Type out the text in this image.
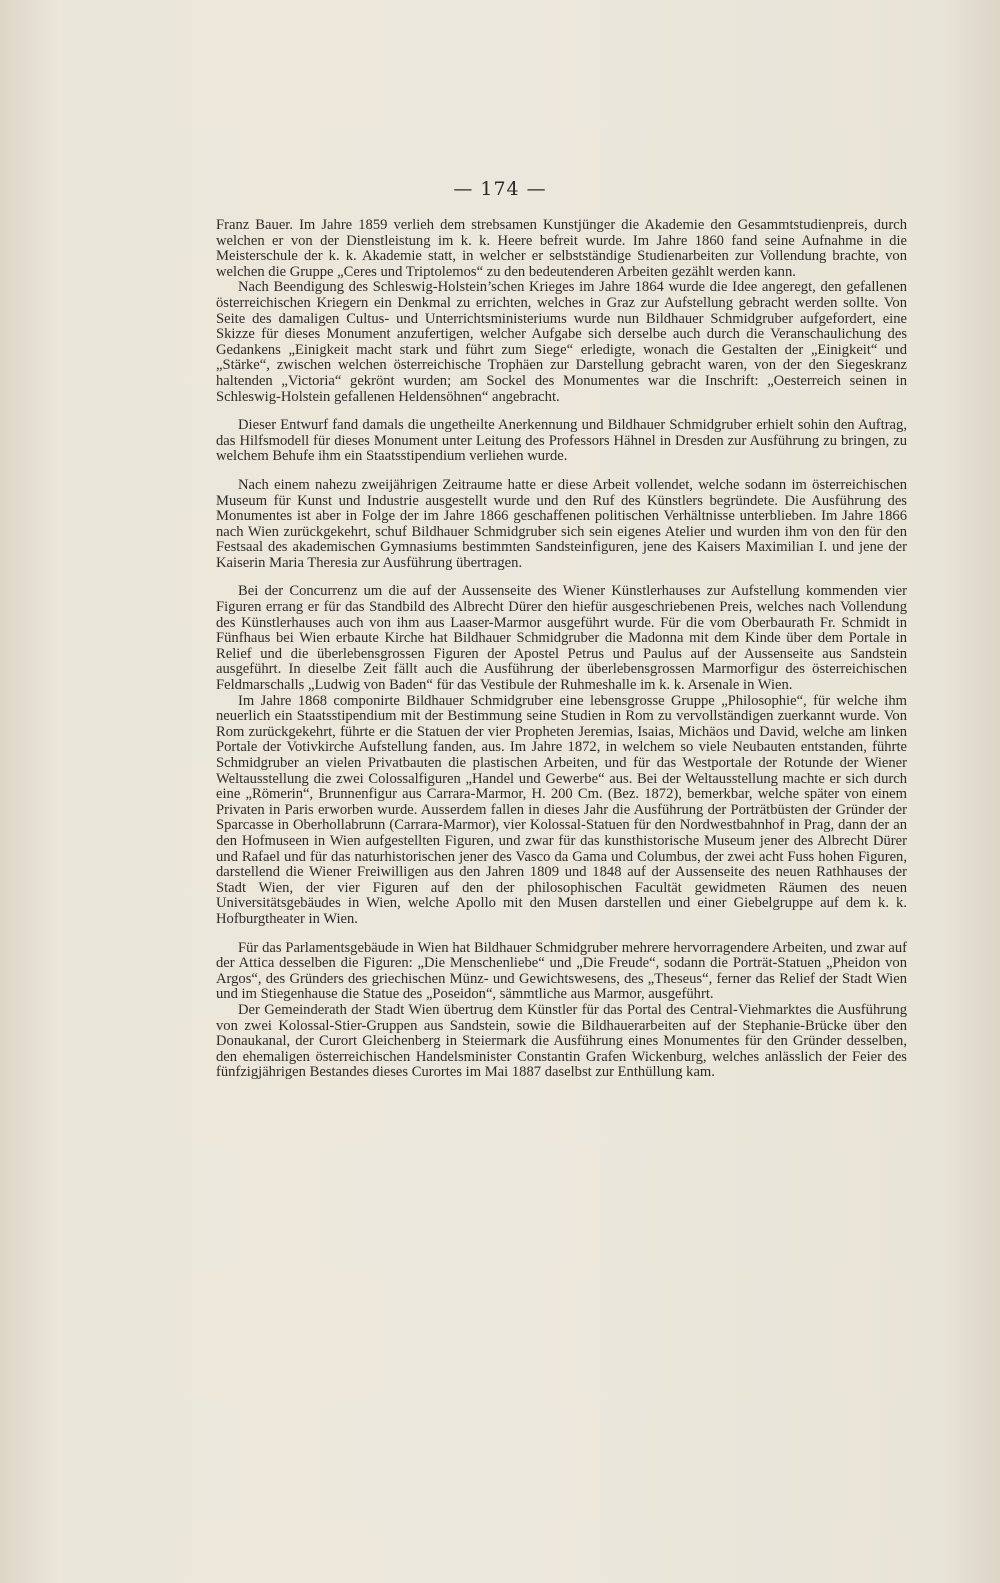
— 174 —

Franz Bauer. Im Jahre 1859 verlieh dem strebsamen Kunstjünger die Akademie den Gesammtstudienpreis, durch welchen er von der Dienstleistung im k. k. Heere befreit wurde. Im Jahre 1860 fand seine Aufnahme in die Meisterschule der k. k. Akademie statt, in welcher er selbstständige Studienarbeiten zur Vollendung brachte, von welchen die Gruppe „Ceres und Triptolemos“ zu den bedeutenderen Arbeiten gezählt werden kann.

Nach Beendigung des Schleswig-Holstein’schen Krieges im Jahre 1864 wurde die Idee angeregt, den gefallenen österreichischen Kriegern ein Denkmal zu errichten, welches in Graz zur Aufstellung gebracht werden sollte. Von Seite des damaligen Cultus- und Unterrichtsministeriums wurde nun Bildhauer Schmidgruber aufgefordert, eine Skizze für dieses Monument anzufertigen, welcher Aufgabe sich derselbe auch durch die Veranschaulichung des Gedankens „Einigkeit macht stark und führt zum Siege“ erledigte, wonach die Gestalten der „Einigkeit“ und „Stärke“, zwischen welchen österreichische Trophäen zur Darstellung gebracht waren, von der den Siegeskranz haltenden „Victoria“ gekrönt wurden; am Sockel des Monumentes war die Inschrift: „Oesterreich seinen in Schleswig-Holstein gefallenen Heldensöhnen“ angebracht.

Dieser Entwurf fand damals die ungetheilte Anerkennung und Bildhauer Schmidgruber erhielt sohin den Auftrag, das Hilfsmodell für dieses Monument unter Leitung des Professors Hähnel in Dresden zur Ausführung zu bringen, zu welchem Behufe ihm ein Staatsstipendium verliehen wurde.

Nach einem nahezu zweijährigen Zeitraume hatte er diese Arbeit vollendet, welche sodann im österreichischen Museum für Kunst und Industrie ausgestellt wurde und den Ruf des Künstlers begründete. Die Ausführung des Monumentes ist aber in Folge der im Jahre 1866 geschaffenen politischen Verhältnisse unterblieben. Im Jahre 1866 nach Wien zurückgekehrt, schuf Bildhauer Schmidgruber sich sein eigenes Atelier und wurden ihm von den für den Festsaal des akademischen Gymnasiums bestimmten Sandsteinfiguren, jene des Kaisers Maximilian I. und jene der Kaiserin Maria Theresia zur Ausführung übertragen.

Bei der Concurrenz um die auf der Aussenseite des Wiener Künstlerhauses zur Aufstellung kommenden vier Figuren errang er für das Standbild des Albrecht Dürer den hiefür ausgeschriebenen Preis, welches nach Vollendung des Künstlerhauses auch von ihm aus Laaser-Marmor ausgeführt wurde. Für die vom Oberbaurath Fr. Schmidt in Fünfhaus bei Wien erbaute Kirche hat Bildhauer Schmidgruber die Madonna mit dem Kinde über dem Portale in Relief und die überlebensgrossen Figuren der Apostel Petrus und Paulus auf der Aussenseite aus Sandstein ausgeführt. In dieselbe Zeit fällt auch die Ausführung der überlebensgrossen Marmorfigur des österreichischen Feldmarschalls „Ludwig von Baden“ für das Vestibule der Ruhmeshalle im k. k. Arsenale in Wien.

Im Jahre 1868 componirte Bildhauer Schmidgruber eine lebensgrosse Gruppe „Philosophie“, für welche ihm neuerlich ein Staatsstipendium mit der Bestimmung seine Studien in Rom zu vervollständigen zuerkannt wurde. Von Rom zurückgekehrt, führte er die Statuen der vier Propheten Jeremias, Isaias, Michäos und David, welche am linken Portale der Votivkirche Aufstellung fanden, aus. Im Jahre 1872, in welchem so viele Neubauten entstanden, führte Schmidgruber an vielen Privatbauten die plastischen Arbeiten, und für das Westportale der Rotunde der Wiener Weltausstellung die zwei Colossalfiguren „Handel und Gewerbe“ aus. Bei der Weltausstellung machte er sich durch eine „Römerin“, Brunnenfigur aus Carrara-Marmor, H. 200 Cm. (Bez. 1872), bemerkbar, welche später von einem Privaten in Paris erworben wurde. Ausserdem fallen in dieses Jahr die Ausführung der Porträtbüsten der Gründer der Sparcasse in Oberhollabrunn (Carrara-Marmor), vier Kolossal-Statuen für den Nordwestbahnhof in Prag, dann der an den Hofmuseen in Wien aufgestellten Figuren, und zwar für das kunsthistorische Museum jener des Albrecht Dürer und Rafael und für das naturhistorischen jener des Vasco da Gama und Columbus, der zwei acht Fuss hohen Figuren, darstellend die Wiener Freiwilligen aus den Jahren 1809 und 1848 auf der Aussenseite des neuen Rathhauses der Stadt Wien, der vier Figuren auf den der philosophischen Facultät gewidmeten Räumen des neuen Universitätsgebäudes in Wien, welche Apollo mit den Musen darstellen und einer Giebelgruppe auf dem k. k. Hofburgtheater in Wien.

Für das Parlamentsgebäude in Wien hat Bildhauer Schmidgruber mehrere hervorragendere Arbeiten, und zwar auf der Attica desselben die Figuren: „Die Menschenliebe“ und „Die Freude“, sodann die Porträt-Statuen „Pheidon von Argos“, des Gründers des griechischen Münz- und Gewichtswesens, des „Theseus“, ferner das Relief der Stadt Wien und im Stiegenhause die Statue des „Poseidon“, sämmtliche aus Marmor, ausgeführt.

Der Gemeinderath der Stadt Wien übertrug dem Künstler für das Portal des Central-Viehmarktes die Ausführung von zwei Kolossal-Stier-Gruppen aus Sandstein, sowie die Bildhauerarbeiten auf der Stephanie-Brücke über den Donaukanal, der Curort Gleichenberg in Steiermark die Ausführung eines Monumentes für den Gründer desselben, den ehemaligen österreichischen Handelsminister Constantin Grafen Wickenburg, welches anlässlich der Feier des fünfzigjährigen Bestandes dieses Curortes im Mai 1887 daselbst zur Enthüllung kam.
